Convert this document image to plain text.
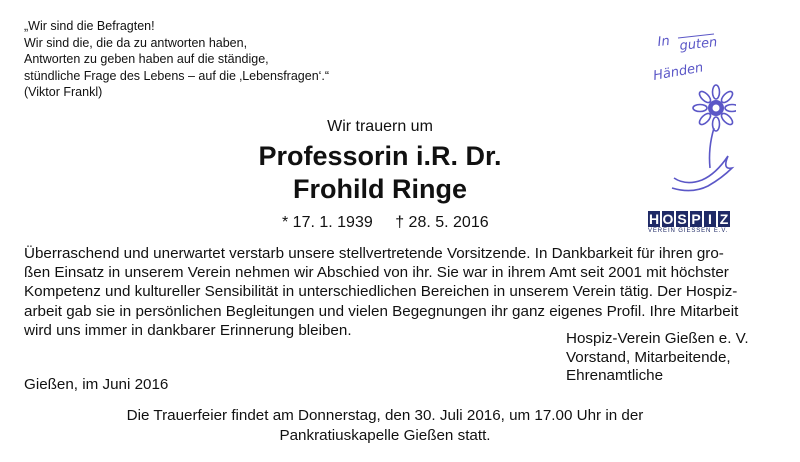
„Wir sind die Befragten!
Wir sind die, die da zu antworten haben,
Antworten zu geben haben auf die ständige,
stündliche Frage des Lebens – auf die ‚Lebensfragen‘.“
(Viktor Frankl)
In guten
Händen
H O S P I Z
VEREIN GIESSEN E.V.
Wir trauern um
Professorin i.R. Dr.
Frohild Ringe
* 17. 1. 1939 † 28. 5. 2016
Überraschend und unerwartet verstarb unsere stellvertretende Vorsitzende. In Dankbarkeit für ihren gro-
ßen Einsatz in unserem Verein nehmen wir Abschied von ihr. Sie war in ihrem Amt seit 2001 mit höchster
Kompetenz und kultureller Sensibilität in unterschiedlichen Bereichen in unserem Verein tätig. Der Hospiz-
arbeit gab sie in persönlichen Begleitungen und vielen Begegnungen ihr ganz eigenes Profil. Ihre Mitarbeit
wird uns immer in dankbarer Erinnerung bleiben.	Hospiz-Verein Gießen e. V.
Vorstand, Mitarbeitende,
Ehrenamtliche
Gießen, im Juni 2016
Die Trauerfeier findet am Donnerstag, den 30. Juli 2016, um 17.00 Uhr in der
Pankratiuskapelle Gießen statt.
